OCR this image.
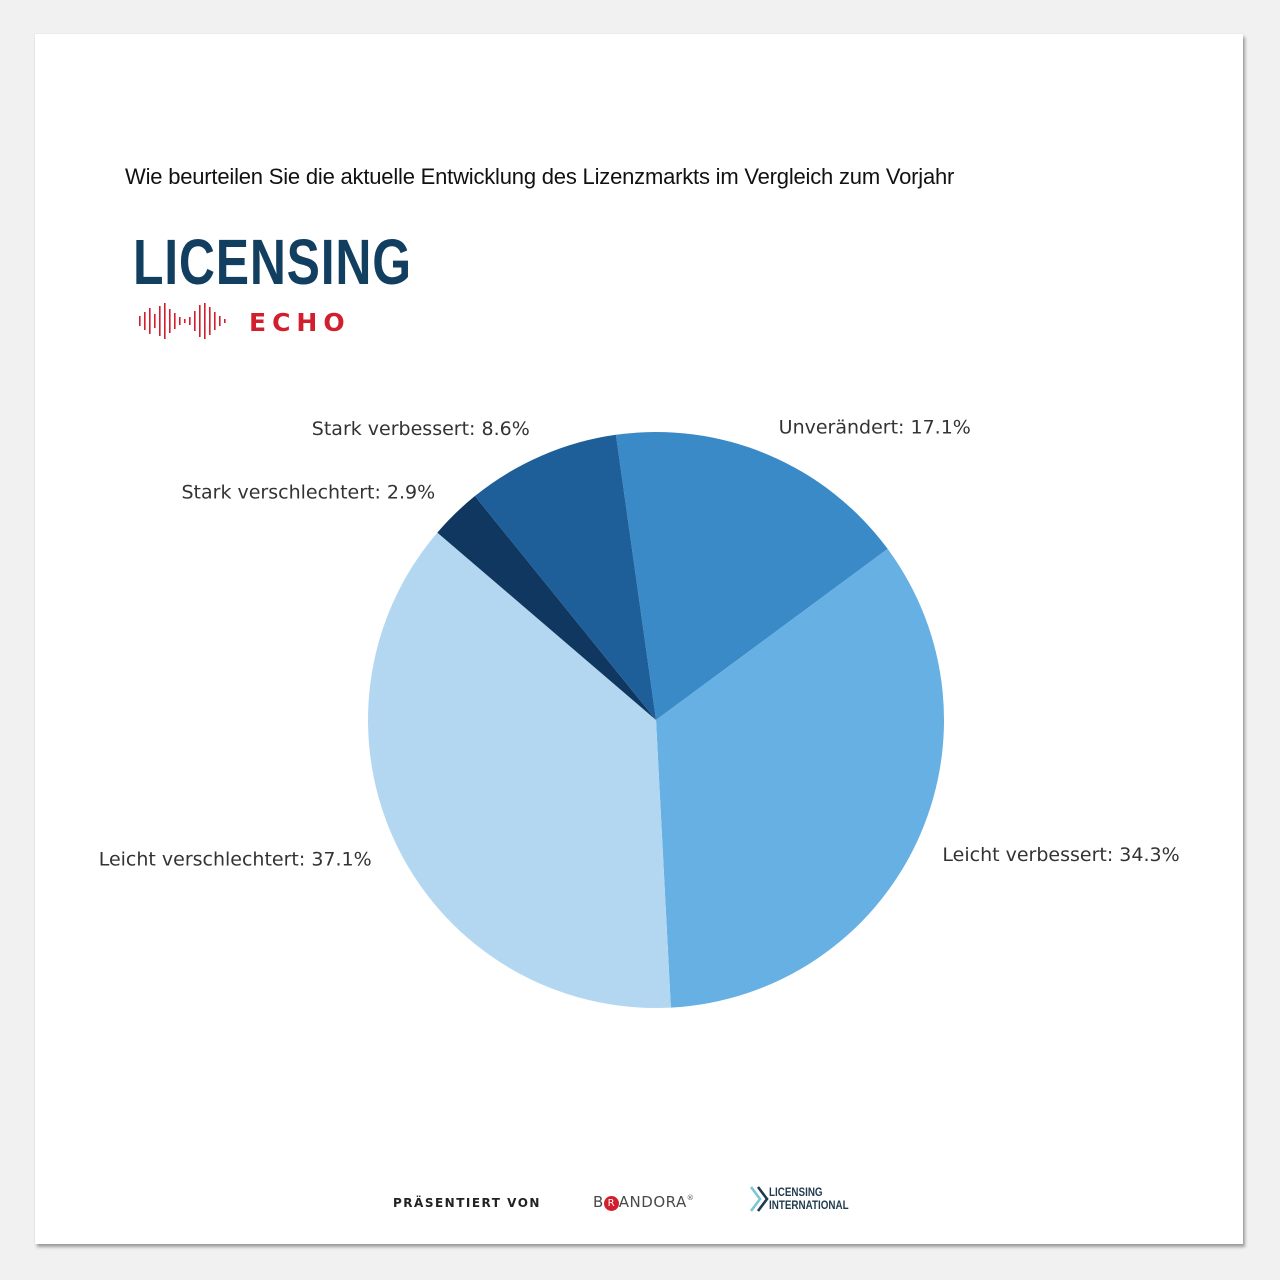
Wie beurteilen Sie die aktuelle Entwicklung des Lizenzmarkts im Vergleich zum Vorjahr
LICENSING
ECHO
Unverändert: 17.1%
Leicht verbessert: 34.3%
Leicht verschlechtert: 37.1%
Stark verschlechtert: 2.9%
Stark verbessert: 8.6%
PRÄSENTIERT VON	B R ANDORA®	LICENSING
INTERNATIONAL
